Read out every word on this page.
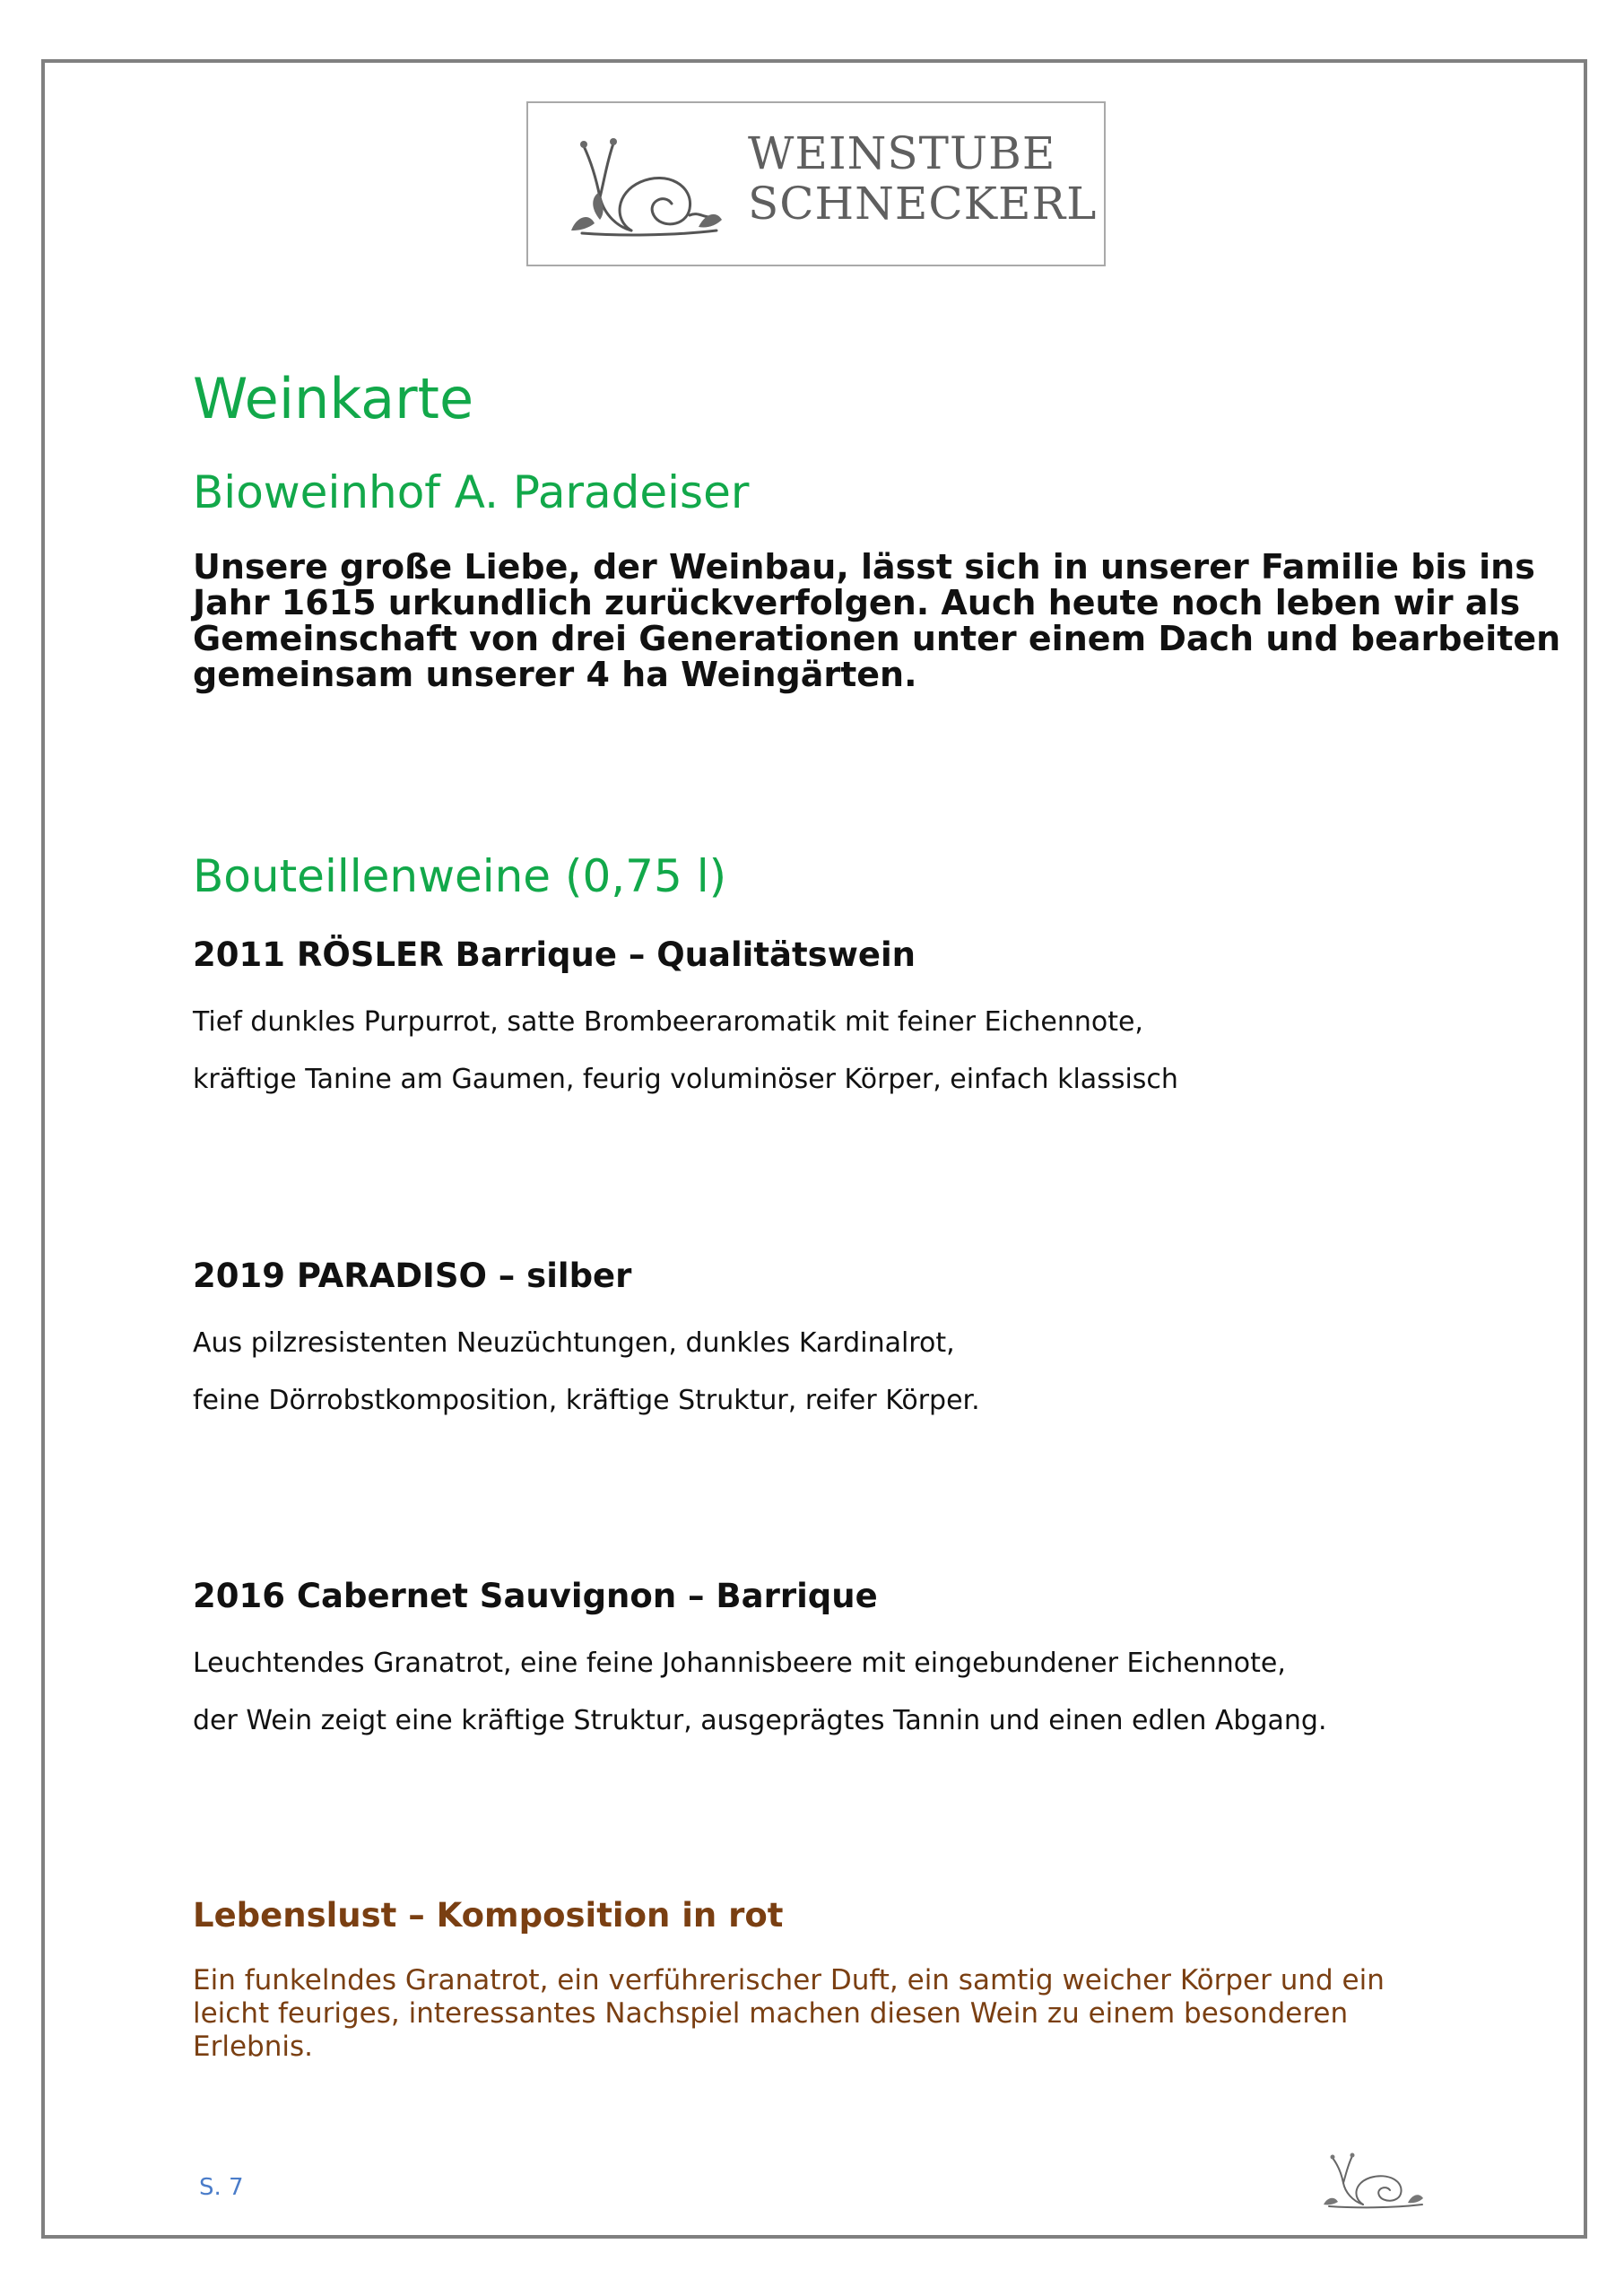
WEINSTUBE
SCHNECKERL
Weinkarte
Bioweinhof A. Paradeiser
Unsere große Liebe, der Weinbau, lässt sich in unserer Familie bis ins
Jahr 1615 urkundlich zurückverfolgen. Auch heute noch leben wir als
Gemeinschaft von drei Generationen unter einem Dach und bearbeiten
gemeinsam unserer 4 ha Weingärten.
Bouteillenweine (0,75 l)

2011 RÖSLER Barrique – Qualitätswein

Tief dunkles Purpurrot, satte Brombeeraromatik mit feiner Eichennote,

kräftige Tanine am Gaumen, feurig voluminöser Körper, einfach klassisch

2019 PARADISO – silber

Aus pilzresistenten Neuzüchtungen, dunkles Kardinalrot,

feine Dörrobstkomposition, kräftige Struktur, reifer Körper.

2016 Cabernet Sauvignon – Barrique

Leuchtendes Granatrot, eine feine Johannisbeere mit eingebundener Eichennote,

der Wein zeigt eine kräftige Struktur, ausgeprägtes Tannin und einen edlen Abgang.

Lebenslust – Komposition in rot
Ein funkelndes Granatrot, ein verführerischer Duft, ein samtig weicher Körper und ein
leicht feuriges, interessantes Nachspiel machen diesen Wein zu einem besonderen
Erlebnis.
S. 7
